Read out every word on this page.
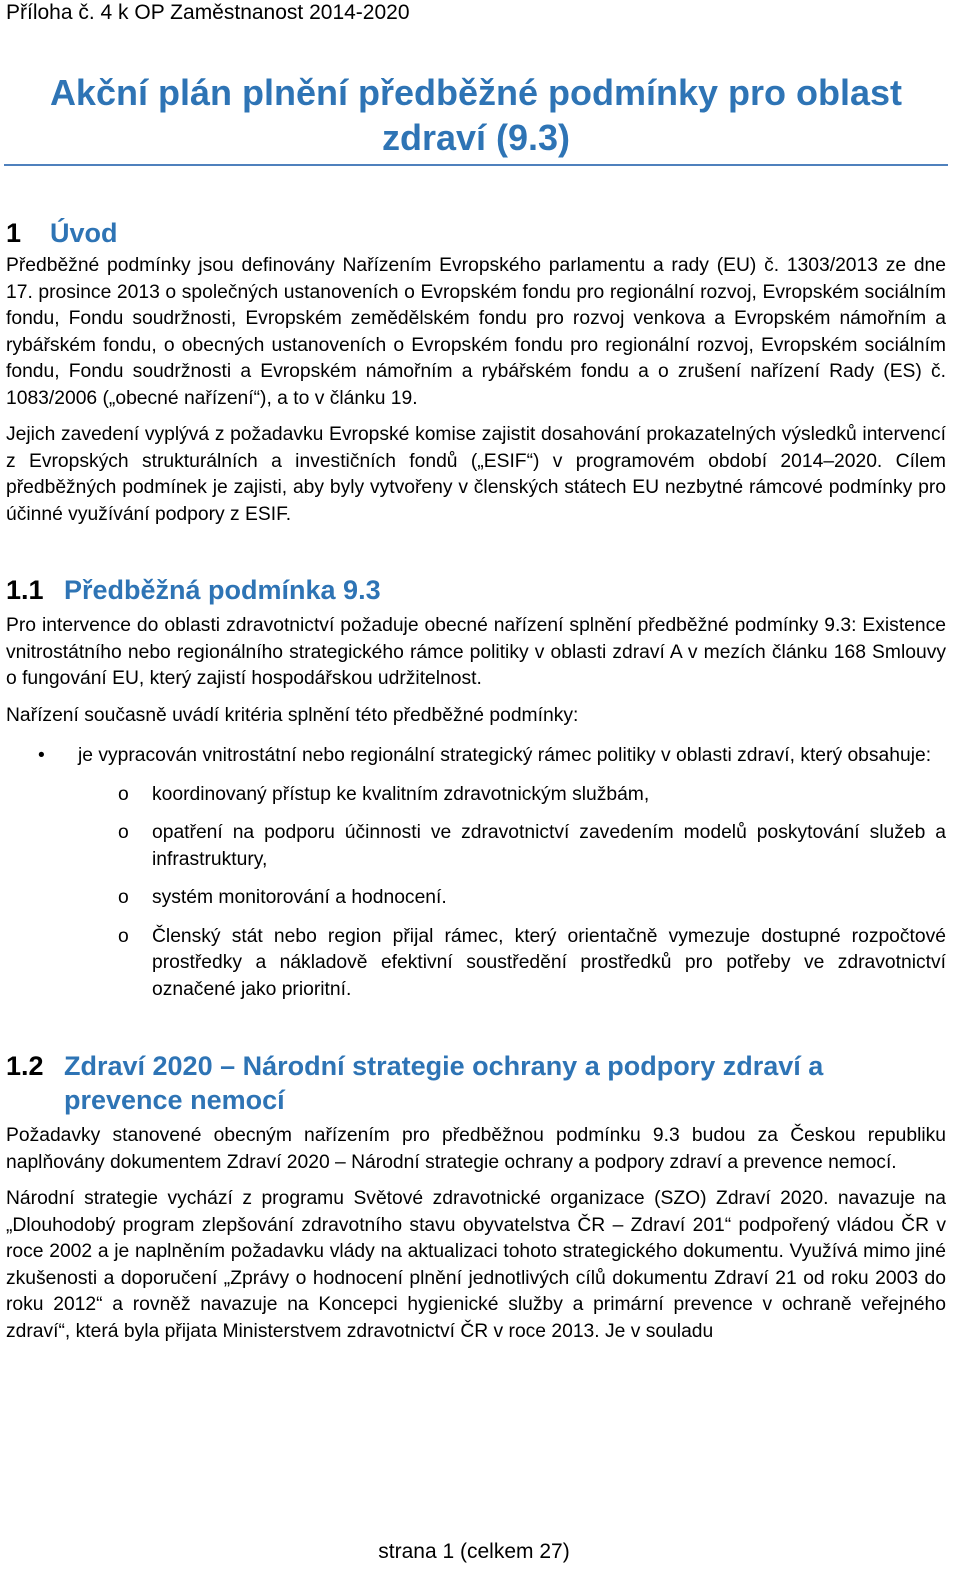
Příloha č. 4 k OP Zaměstnanost 2014-2020
Akční plán plnění předběžné podmínky pro oblast zdraví (9.3)
1	Úvod

Předběžné podmínky jsou definovány Nařízením Evropského parlamentu a rady (EU) č. 1303/2013 ze dne 17. prosince 2013 o společných ustanoveních o Evropském fondu pro regionální rozvoj, Evropském sociálním fondu, Fondu soudržnosti, Evropském zemědělském fondu pro rozvoj venkova a Evropském námořním a rybářském fondu, o obecných ustanoveních o Evropském fondu pro regionální rozvoj, Evropském sociálním fondu, Fondu soudržnosti a Evropském námořním a rybářském fondu a o zrušení nařízení Rady (ES) č. 1083/2006 („obecné nařízení“), a to v článku 19.

Jejich zavedení vyplývá z požadavku Evropské komise zajistit dosahování prokazatelných výsledků intervencí z Evropských strukturálních a investičních fondů („ESIF“) v programovém období 2014–2020. Cílem předběžných podmínek je zajisti, aby byly vytvořeny v členských státech EU nezbytné rámcové podmínky pro účinné využívání podpory z ESIF.

1.1 Předběžná podmínka 9.3

Pro intervence do oblasti zdravotnictví požaduje obecné nařízení splnění předběžné podmínky 9.3: Existence vnitrostátního nebo regionálního strategického rámce politiky v oblasti zdraví A v mezích článku 168 Smlouvy o fungování EU, který zajistí hospodářskou udržitelnost.

Nařízení současně uvádí kritéria splnění této předběžné podmínky:

• je vypracován vnitrostátní nebo regionální strategický rámec politiky v oblasti zdraví, který obsahuje:
o koordinovaný přístup ke kvalitním zdravotnickým službám,
o opatření na podporu účinnosti ve zdravotnictví zavedením modelů poskytování služeb a infrastruktury,
o systém monitorování a hodnocení.
o Členský stát nebo region přijal rámec, který orientačně vymezuje dostupné rozpočtové prostředky a nákladově efektivní soustředění prostředků pro potřeby ve zdravotnictví označené jako prioritní.
1.2 Zdraví 2020 – Národní strategie ochrany a podpory zdraví a prevence nemocí

Požadavky stanovené obecným nařízením pro předběžnou podmínku 9.3 budou za Českou republiku naplňovány dokumentem Zdraví 2020 – Národní strategie ochrany a podpory zdraví a prevence nemocí.

Národní strategie vychází z programu Světové zdravotnické organizace (SZO) Zdraví 2020. navazuje na „Dlouhodobý program zlepšování zdravotního stavu obyvatelstva ČR – Zdraví 201“ podpořený vládou ČR v roce 2002 a je naplněním požadavku vlády na aktualizaci tohoto strategického dokumentu. Využívá mimo jiné zkušenosti a doporučení „Zprávy o hodnocení plnění jednotlivých cílů dokumentu Zdraví 21 od roku 2003 do roku 2012“ a rovněž navazuje na Koncepci hygienické služby a primární prevence v ochraně veřejného zdraví“, která byla přijata Ministerstvem zdravotnictví ČR v roce 2013. Je v souladu

strana 1 (celkem 27)
